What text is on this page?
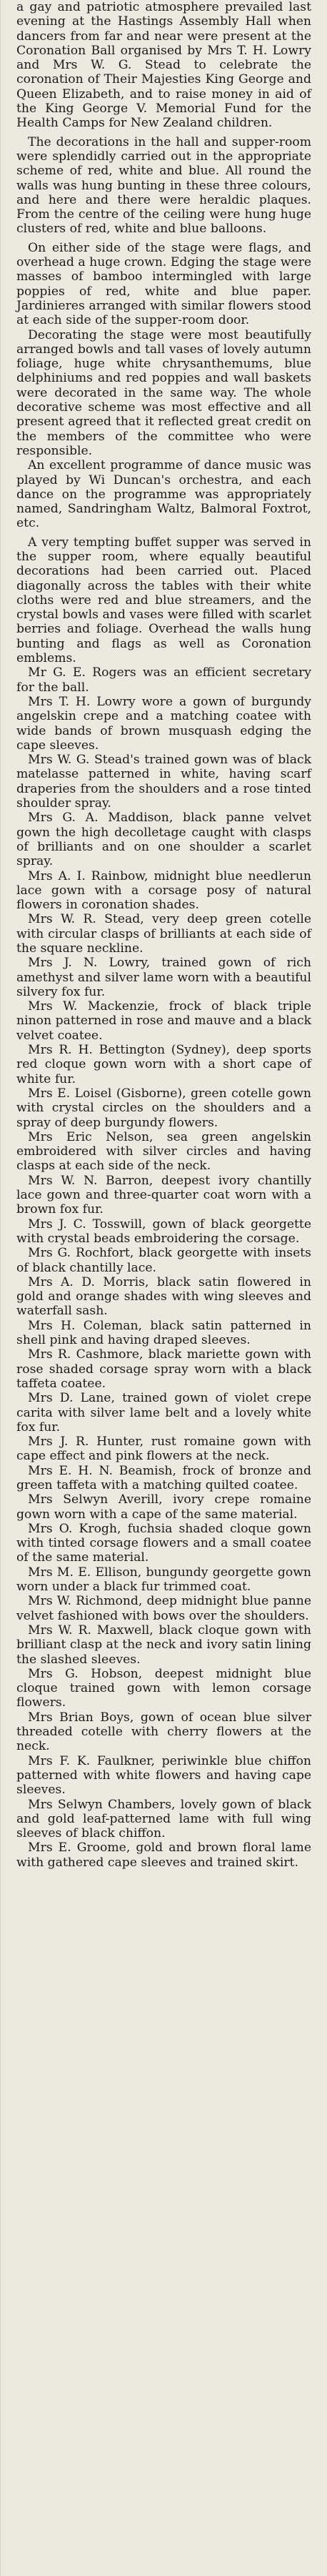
a gay and patriotic atmosphere prevailed last evening at the Hastings Assembly Hall when dancers from far and near were present at the Coronation Ball organised by Mrs T. H. Lowry and Mrs W. G. Stead to celebrate the coronation of Their Majesties King George and Queen Elizabeth, and to raise money in aid of the King George V. Memorial Fund for the Health Camps for New Zealand children.

The decorations in the hall and supper-room were splendidly carried out in the appropriate scheme of red, white and blue. All round the walls was hung bunting in these three colours, and here and there were heraldic plaques. From the centre of the ceiling were hung huge clusters of red, white and blue balloons.

On either side of the stage were flags, and overhead a huge crown. Edging the stage were masses of bamboo intermingled with large poppies of red, white and blue paper. Jardinieres arranged with similar flowers stood at each side of the supper-room door.

Decorating the stage were most beautifully arranged bowls and tall vases of lovely autumn foliage, huge white chrysanthemums, blue delphiniums and red poppies and wall baskets were decorated in the same way. The whole decorative scheme was most effective and all present agreed that it reflected great credit on the members of the committee who were responsible.

An excellent programme of dance music was played by Wi Duncan's orchestra, and each dance on the programme was appropriately named, Sandringham Waltz, Balmoral Foxtrot, etc.

A very tempting buffet supper was served in the supper room, where equally beautiful decorations had been carried out. Placed diagonally across the tables with their white cloths were red and blue streamers, and the crystal bowls and vases were filled with scarlet berries and foliage. Overhead the walls hung bunting and flags as well as Coronation emblems.

Mr G. E. Rogers was an efficient secretary for the ball.

Mrs T. H. Lowry wore a gown of burgundy angelskin crepe and a matching coatee with wide bands of brown musquash edging the cape sleeves.

Mrs W. G. Stead's trained gown was of black matelasse patterned in white, having scarf draperies from the shoulders and a rose tinted shoulder spray.

Mrs G. A. Maddison, black panne velvet gown the high decolletage caught with clasps of brilliants and on one shoulder a scarlet spray.

Mrs A. I. Rainbow, midnight blue needlerun lace gown with a corsage posy of natural flowers in coronation shades.

Mrs W. R. Stead, very deep green cotelle with circular clasps of brilliants at each side of the square neckline.

Mrs J. N. Lowry, trained gown of rich amethyst and silver lame worn with a beautiful silvery fox fur.

Mrs W. Mackenzie, frock of black triple ninon patterned in rose and mauve and a black velvet coatee.

Mrs R. H. Bettington (Sydney), deep sports red cloque gown worn with a short cape of white fur.

Mrs E. Loisel (Gisborne), green cotelle gown with crystal circles on the shoulders and a spray of deep burgundy flowers.

Mrs Eric Nelson, sea green angelskin embroidered with silver circles and having clasps at each side of the neck.

Mrs W. N. Barron, deepest ivory chantilly lace gown and three-quarter coat worn with a brown fox fur.

Mrs J. C. Tosswill, gown of black georgette with crystal beads embroidering the corsage.

Mrs G. Rochfort, black georgette with insets of black chantilly lace.

Mrs A. D. Morris, black satin flowered in gold and orange shades with wing sleeves and waterfall sash.

Mrs H. Coleman, black satin patterned in shell pink and having draped sleeves.

Mrs R. Cashmore, black mariette gown with rose shaded corsage spray worn with a black taffeta coatee.

Mrs D. Lane, trained gown of violet crepe carita with silver lame belt and a lovely white fox fur.

Mrs J. R. Hunter, rust romaine gown with cape effect and pink flowers at the neck.

Mrs E. H. N. Beamish, frock of bronze and green taffeta with a matching quilted coatee.

Mrs Selwyn Averill, ivory crepe romaine gown worn with a cape of the same material.

Mrs O. Krogh, fuchsia shaded cloque gown with tinted corsage flowers and a small coatee of the same material.

Mrs M. E. Ellison, bungundy georgette gown worn under a black fur trimmed coat.

Mrs W. Richmond, deep midnight blue panne velvet fashioned with bows over the shoulders.

Mrs W. R. Maxwell, black cloque gown with brilliant clasp at the neck and ivory satin lining the slashed sleeves.

Mrs G. Hobson, deepest midnight blue cloque trained gown with lemon corsage flowers.

Mrs Brian Boys, gown of ocean blue silver threaded cotelle with cherry flowers at the neck.

Mrs F. K. Faulkner, periwinkle blue chiffon patterned with white flowers and having cape sleeves.

Mrs Selwyn Chambers, lovely gown of black and gold leaf-patterned lame with full wing sleeves of black chiffon.

Mrs E. Groome, gold and brown floral lame with gathered cape sleeves and trained skirt.
